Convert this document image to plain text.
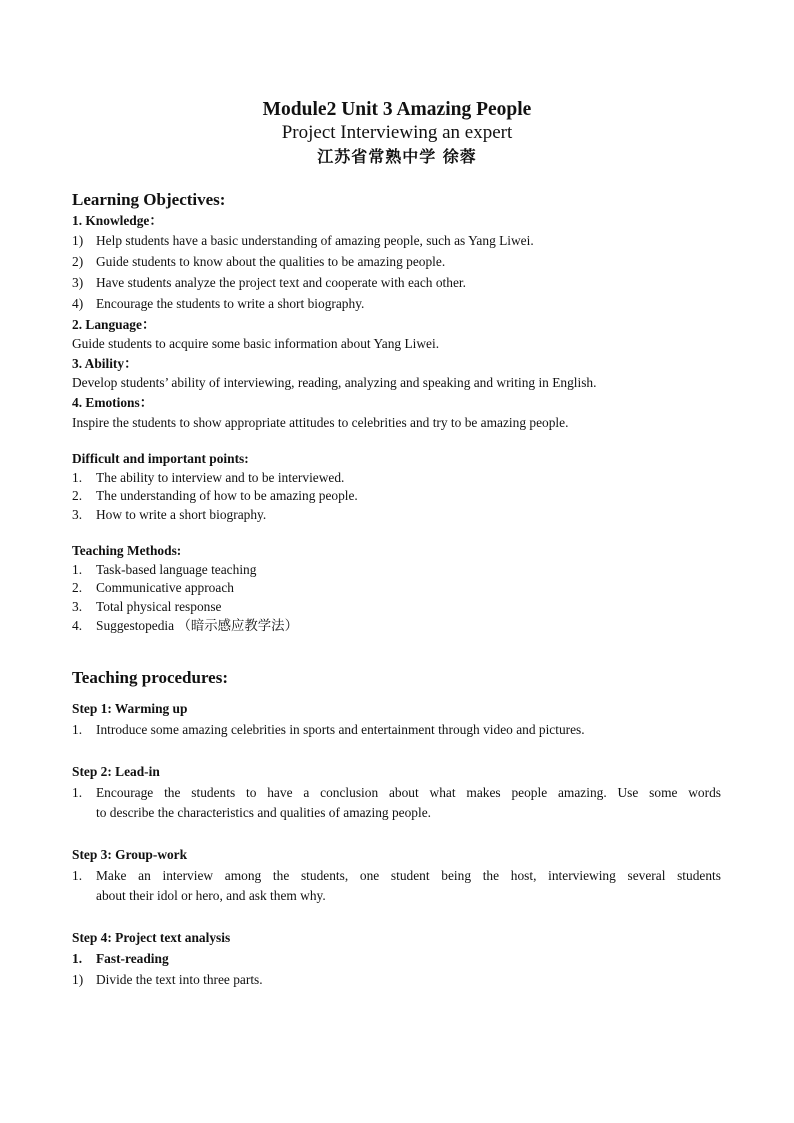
Module2 Unit 3 Amazing People
Project Interviewing an expert
江苏省常熟中学 徐蓉
Learning Objectives:
1. Knowledge：
1) Help students have a basic understanding of amazing people, such as Yang Liwei.
2) Guide students to know about the qualities to be amazing people.
3) Have students analyze the project text and cooperate with each other.
4) Encourage the students to write a short biography.
2. Language：
Guide students to acquire some basic information about Yang Liwei.
3. Ability：
Develop students’ ability of interviewing, reading, analyzing and speaking and writing in English.
4. Emotions：
Inspire the students to show appropriate attitudes to celebrities and try to be amazing people.
Difficult and important points:
1. The ability to interview and to be interviewed.
2. The understanding of how to be amazing people.
3. How to write a short biography.
Teaching Methods:
1. Task-based language teaching
2. Communicative approach
3. Total physical response
4. Suggestopedia （暗示感应教学法）
Teaching procedures:
Step 1: Warming up
1. Introduce some amazing celebrities in sports and entertainment through video and pictures.
Step 2: Lead-in
1. Encourage the students to have a conclusion about what makes people amazing. Use some words
to describe the characteristics and qualities of amazing people.
Step 3: Group-work
1. Make an interview among the students, one student being the host, interviewing several students
about their idol or hero, and ask them why.
Step 4: Project text analysis
1. Fast-reading
1) Divide the text into three parts.
